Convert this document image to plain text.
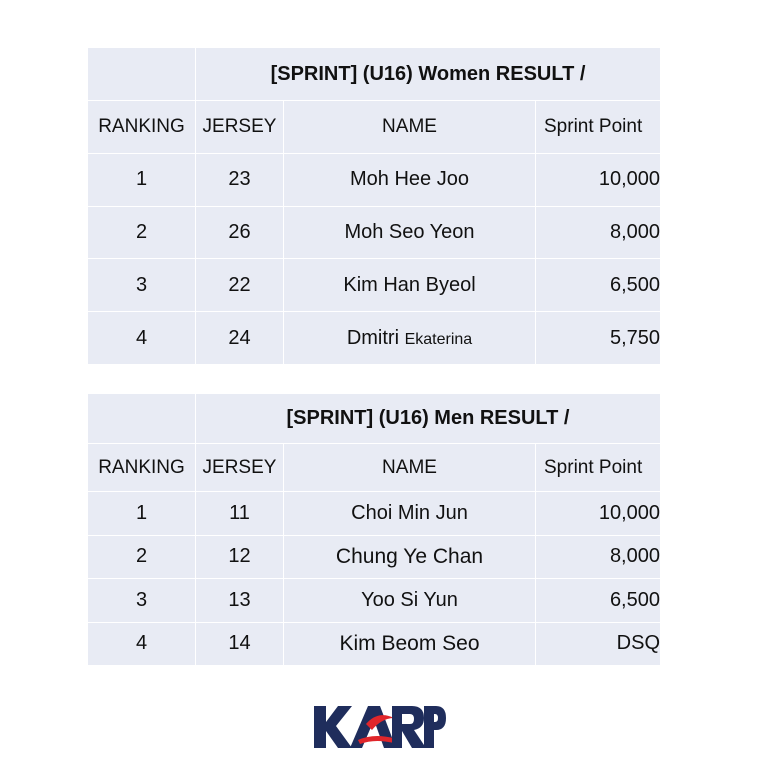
	[SPRINT] (U16) Women RESULT /		
RANKING	JERSEY	NAME	Sprint Point
1	23	Moh Hee Joo	10,000
2	26	Moh Seo Yeon	8,000
3	22	Kim Han Byeol	6,500
4	24	Dmitri Ekaterina	5,750
	[SPRINT] (U16) Men RESULT /		
RANKING	JERSEY	NAME	Sprint Point
1	11	Choi Min Jun	10,000
2	12	Chung Ye Chan	8,000
3	13	Yoo Si Yun	6,500
4	14	Kim Beom Seo	DSQ
KARP
